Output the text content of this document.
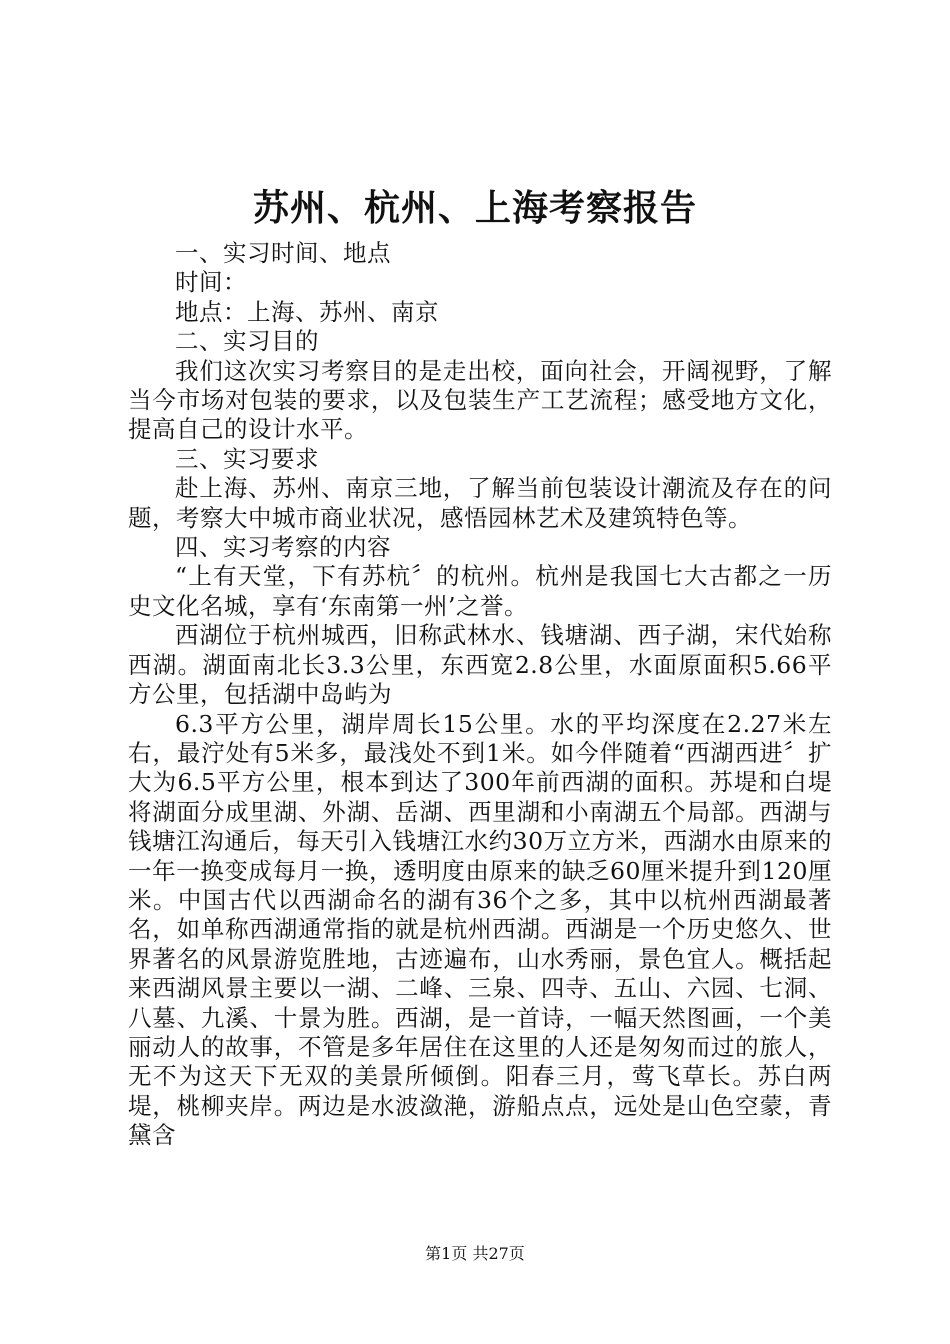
苏州、杭州、上海考察报告

一、实习时间、地点

时间：

地点：上海、苏州、南京

二、实习目的

我们这次实习考察目的是走出校，面向社会，开阔视野，了解当今市场对包装的要求，以及包装生产工艺流程；感受地方文化，提高自己的设计水平。

三、实习要求

赴上海、苏州、南京三地，了解当前包装设计潮流及存在的问题，考察大中城市商业状况，感悟园林艺术及建筑特色等。

四、实习考察的内容

“上有天堂，下有苏杭〞的杭州。杭州是我国七大古都之一历史文化名城，享有‘东南第一州’之誉。

西湖位于杭州城西，旧称武林水、钱塘湖、西子湖，宋代始称西湖。湖面南北长3.3公里，东西宽2.8公里，水面原面积5.66平方公里，包括湖中岛屿为

6.3平方公里，湖岸周长15公里。水的平均深度在2.27米左右，最泞处有5米多，最浅处不到1米。如今伴随着“西湖西进〞扩大为6.5平方公里，根本到达了300年前西湖的面积。苏堤和白堤将湖面分成里湖、外湖、岳湖、西里湖和小南湖五个局部。西湖与钱塘江沟通后，每天引入钱塘江水约30万立方米，西湖水由原来的一年一换变成每月一换，透明度由原来的缺乏60厘米提升到120厘米。中国古代以西湖命名的湖有36个之多，其中以杭州西湖最著名，如单称西湖通常指的就是杭州西湖。西湖是一个历史悠久、世界著名的风景游览胜地，古迹遍布，山水秀丽，景色宜人。概括起来西湖风景主要以一湖、二峰、三泉、四寺、五山、六园、七洞、八墓、九溪、十景为胜。西湖，是一首诗，一幅天然图画，一个美丽动人的故事，不管是多年居住在这里的人还是匆匆而过的旅人，无不为这天下无双的美景所倾倒。阳春三月，莺飞草长。苏白两堤，桃柳夹岸。两边是水波潋滟，游船点点，远处是山色空蒙，青黛含

第1页 共27页
